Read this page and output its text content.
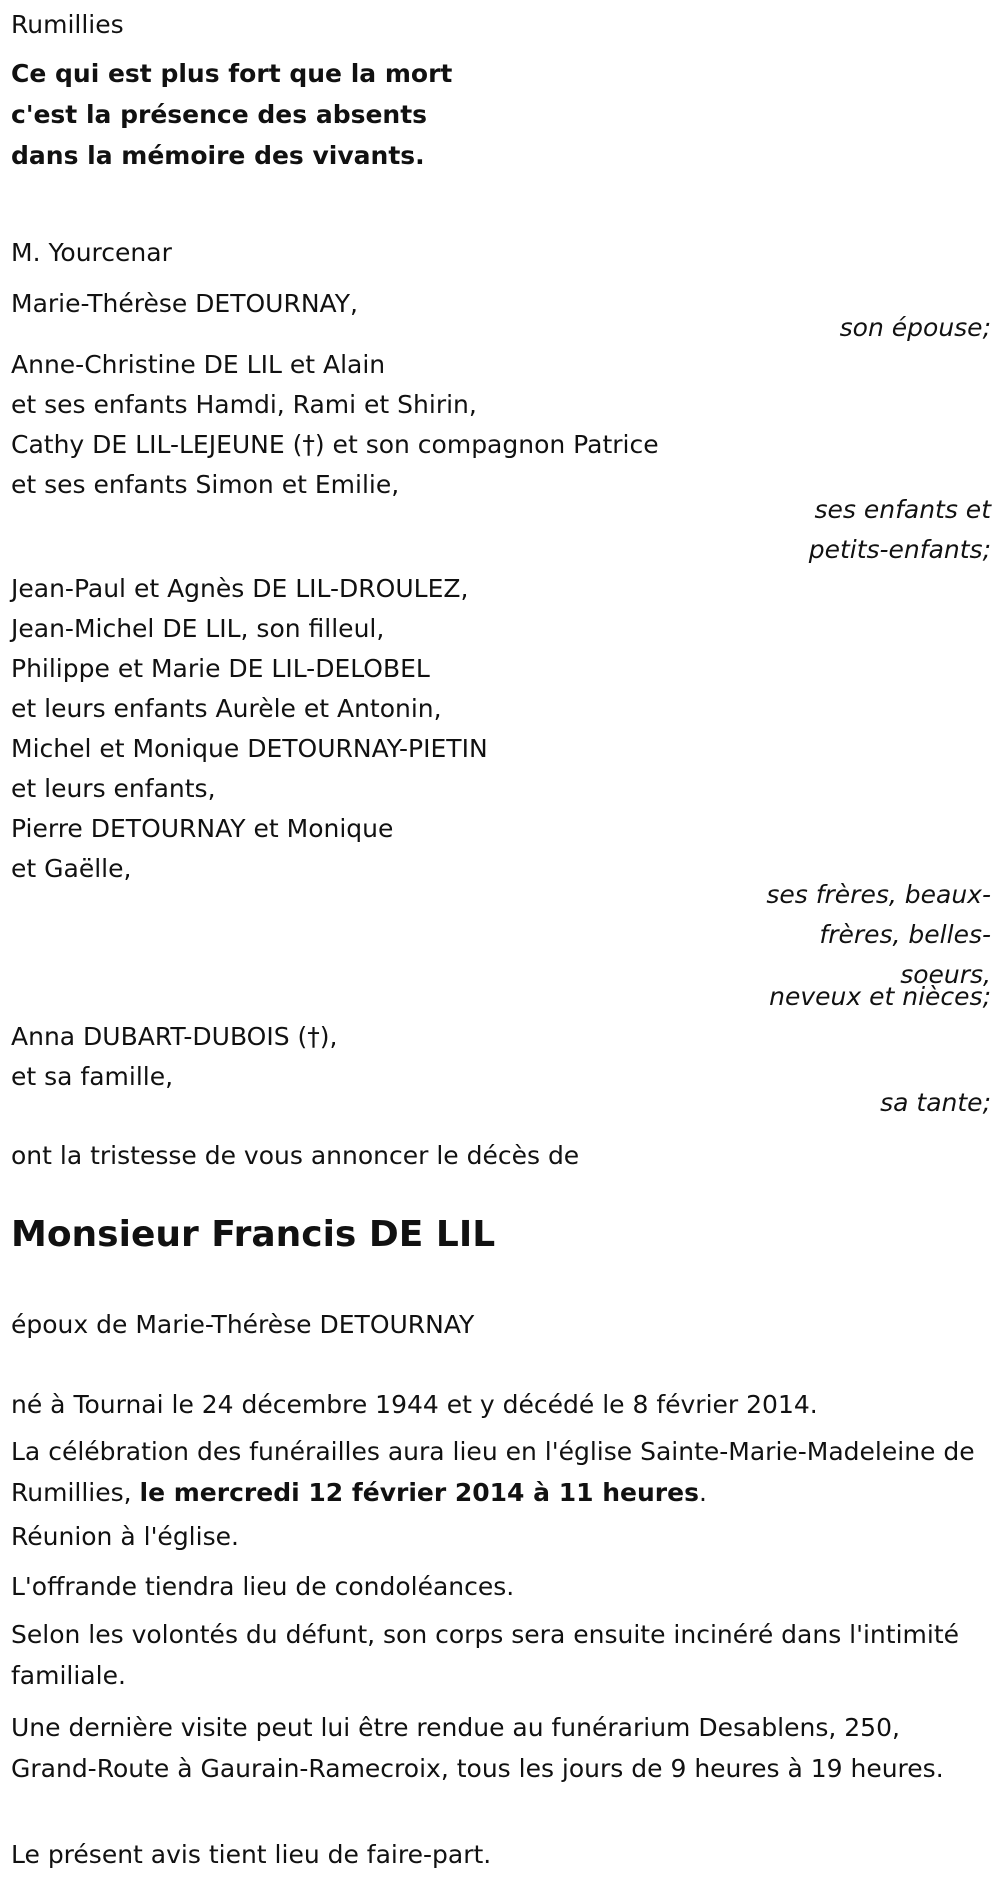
Rumillies

Ce qui est plus fort que la mort

c'est la présence des absents

dans la mémoire des vivants.

M. Yourcenar

Marie-Thérèse DETOURNAY,

son épouse;

Anne-Christine DE LIL et Alain

et ses enfants Hamdi, Rami et Shirin,

Cathy DE LIL-LEJEUNE (†) et son compagnon Patrice

et ses enfants Simon et Emilie,

ses enfants et

petits-enfants;

Jean-Paul et Agnès DE LIL-DROULEZ,

Jean-Michel DE LIL, son filleul,

Philippe et Marie DE LIL-DELOBEL

et leurs enfants Aurèle et Antonin,

Michel et Monique DETOURNAY-PIETIN

et leurs enfants,

Pierre DETOURNAY et Monique

et Gaëlle,

ses frères, beaux-

frères, belles-

soeurs,

neveux et nièces;

Anna DUBART-DUBOIS (†),

et sa famille,

sa tante;

ont la tristesse de vous annoncer le décès de

Monsieur Francis DE LIL

époux de Marie-Thérèse DETOURNAY

né à Tournai le 24 décembre 1944 et y décédé le 8 février 2014.

La célébration des funérailles aura lieu en l'église Sainte-Marie-Madeleine de Rumillies, le mercredi 12 février 2014 à 11 heures.

Réunion à l'église.

L'offrande tiendra lieu de condoléances.

Selon les volontés du défunt, son corps sera ensuite incinéré dans l'intimité familiale.

Une dernière visite peut lui être rendue au funérarium Desablens, 250, Grand-Route à Gaurain-Ramecroix, tous les jours de 9 heures à 19 heures.

Le présent avis tient lieu de faire-part.
